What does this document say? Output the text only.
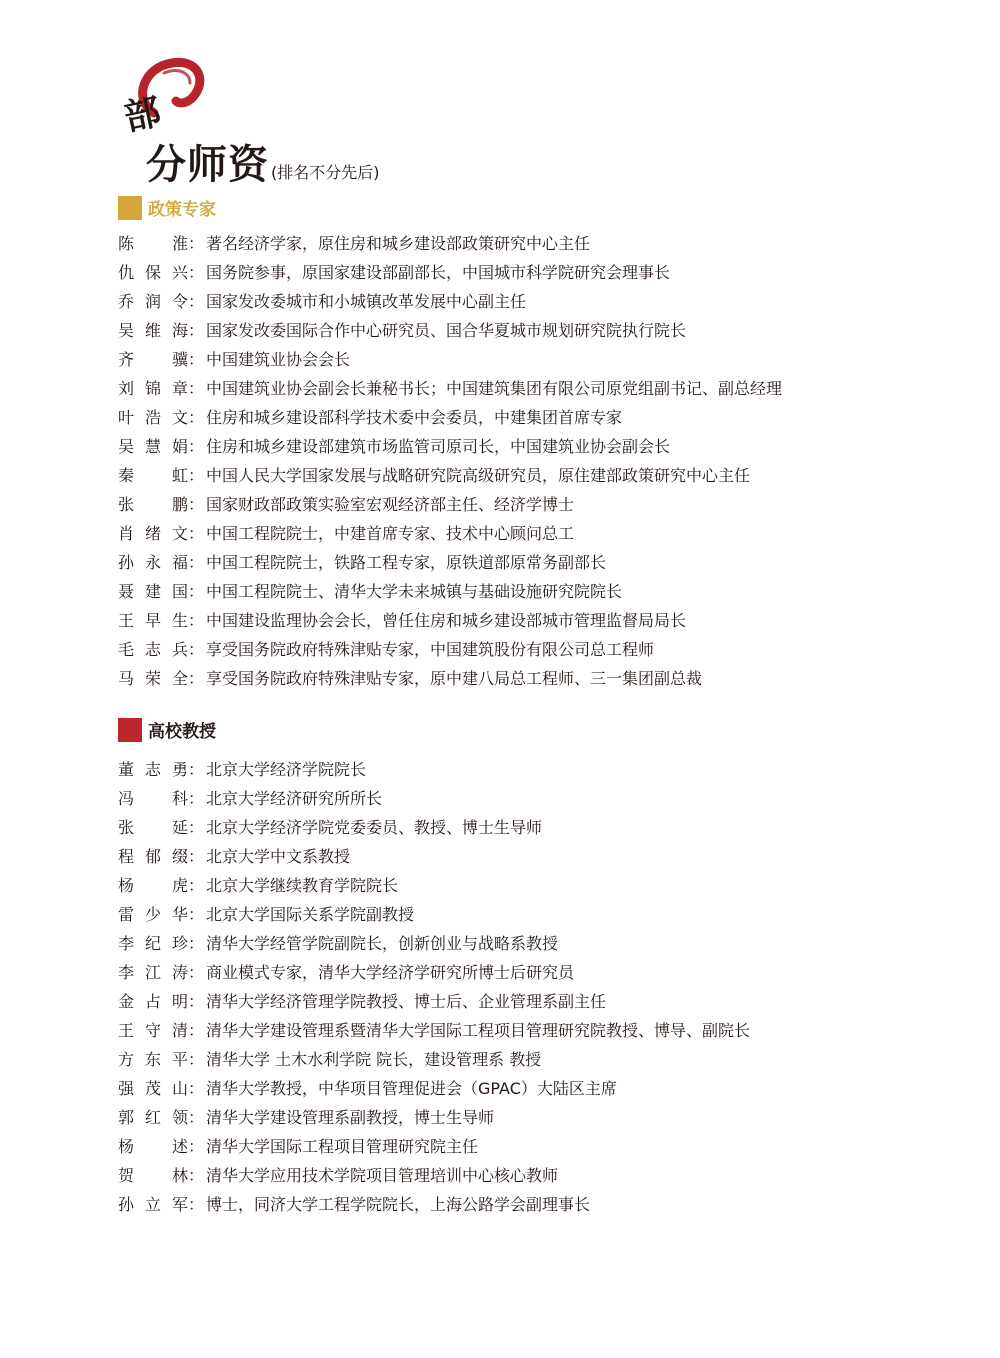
部
分师资 (排名不分先后)
政策专家
陈　淮 ： 著名经济学家，原住房和城乡建设部政策研究中心主任
仇保兴 ： 国务院参事，原国家建设部副部长，中国城市科学院研究会理事长
乔润令 ： 国家发改委城市和小城镇改革发展中心副主任
吴维海 ： 国家发改委国际合作中心研究员、国合华夏城市规划研究院执行院长
齐　骥 ： 中国建筑业协会会长
刘锦章 ： 中国建筑业协会副会长兼秘书长；中国建筑集团有限公司原党组副书记、副总经理
叶浩文 ： 住房和城乡建设部科学技术委中会委员，中建集团首席专家
吴慧娟 ： 住房和城乡建设部建筑市场监管司原司长，中国建筑业协会副会长
秦　虹 ： 中国人民大学国家发展与战略研究院高级研究员，原住建部政策研究中心主任
张　鹏 ： 国家财政部政策实验室宏观经济部主任、经济学博士
肖绪文 ： 中国工程院院士，中建首席专家、技术中心顾问总工
孙永福 ： 中国工程院院士，铁路工程专家，原铁道部原常务副部长
聂建国 ： 中国工程院院士、清华大学未来城镇与基础设施研究院院长
王早生 ： 中国建设监理协会会长，曾任住房和城乡建设部城市管理监督局局长
毛志兵 ： 享受国务院政府特殊津贴专家，中国建筑股份有限公司总工程师
马荣全 ： 享受国务院政府特殊津贴专家，原中建八局总工程师、三一集团副总裁
高校教授
董志勇 ： 北京大学经济学院院长
冯　科 ： 北京大学经济研究所所长
张　延 ： 北京大学经济学院党委委员、教授、博士生导师
程郁缀 ： 北京大学中文系教授
杨　虎 ： 北京大学继续教育学院院长
雷少华 ： 北京大学国际关系学院副教授
李纪珍 ： 清华大学经管学院副院长，创新创业与战略系教授
李江涛 ： 商业模式专家，清华大学经济学研究所博士后研究员
金占明 ： 清华大学经济管理学院教授、博士后、企业管理系副主任
王守清 ： 清华大学建设管理系暨清华大学国际工程项目管理研究院教授、博导、副院长
方东平 ： 清华大学 土木水利学院 院长，建设管理系 教授
强茂山 ： 清华大学教授，中华项目管理促进会（GPAC）大陆区主席
郭红领 ： 清华大学建设管理系副教授，博士生导师
杨　述 ： 清华大学国际工程项目管理研究院主任
贺　林 ： 清华大学应用技术学院项目管理培训中心核心教师
孙立军 ： 博士，同济大学工程学院院长，上海公路学会副理事长
